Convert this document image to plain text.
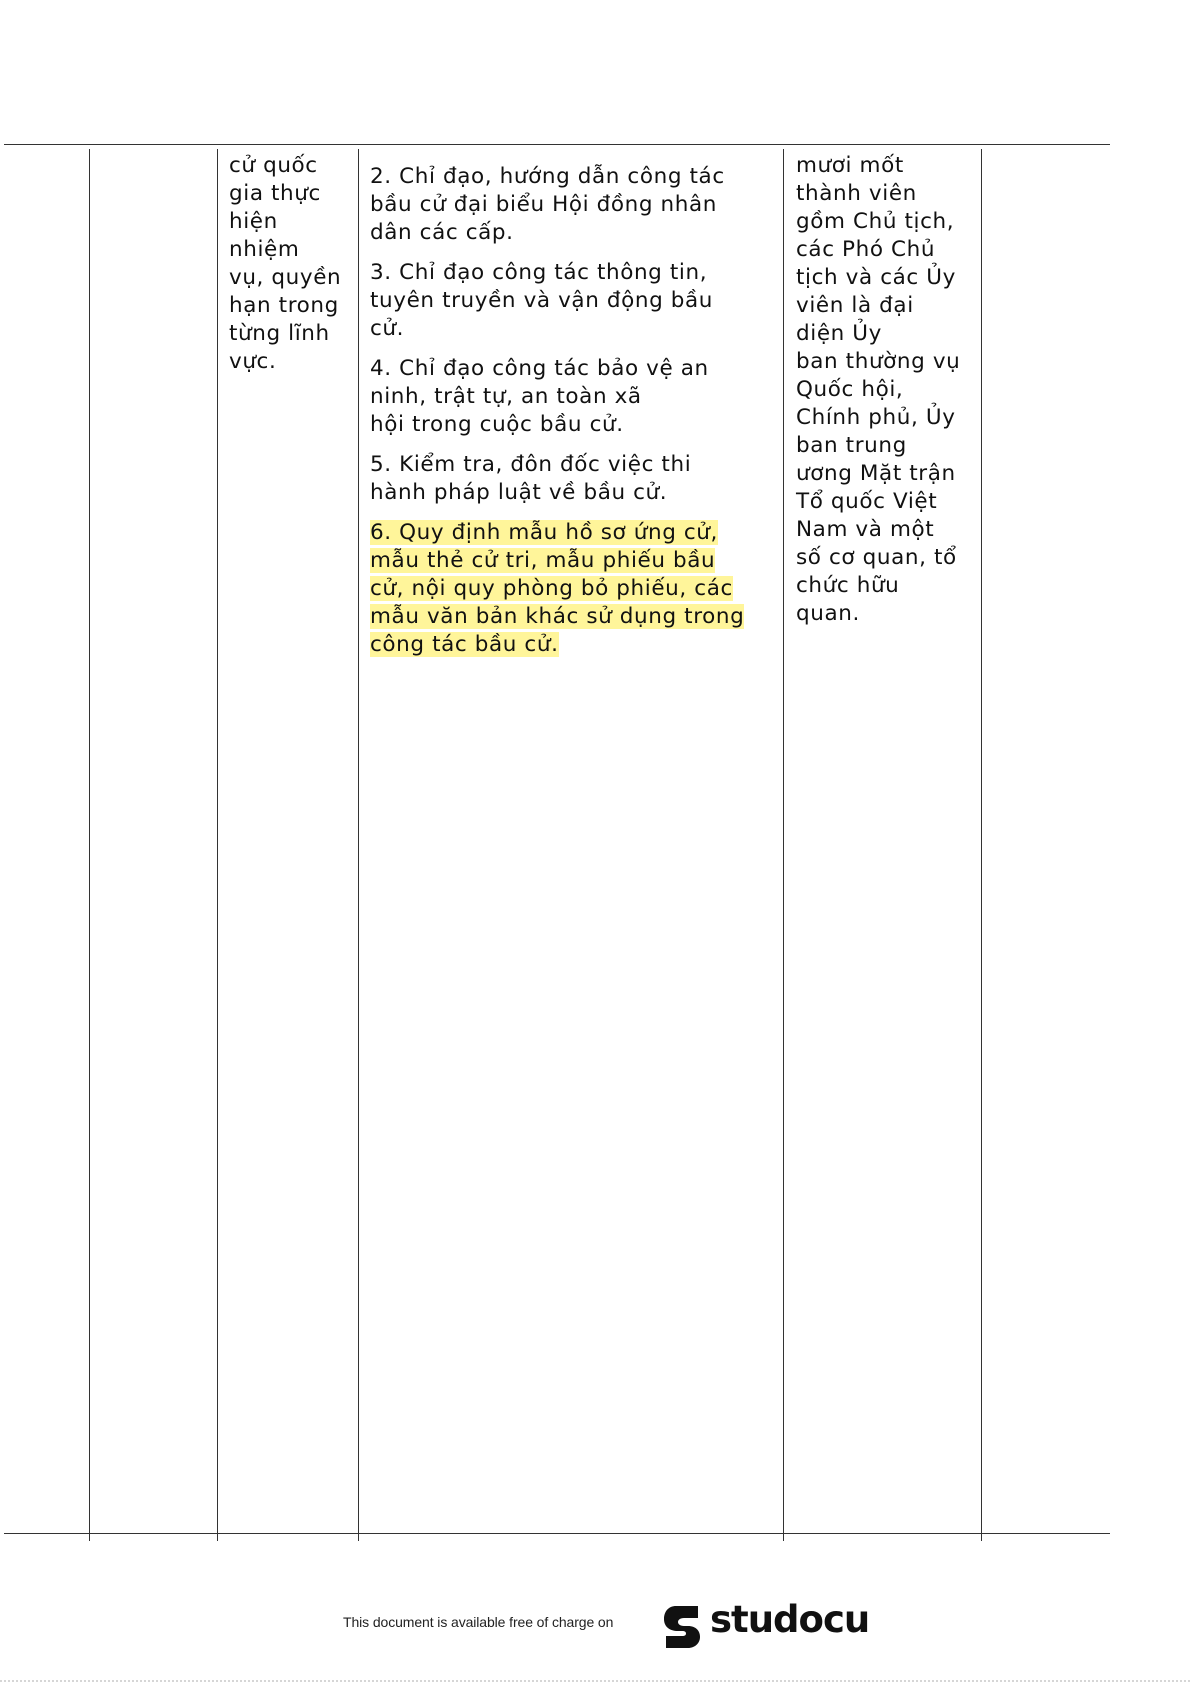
cử quốc

gia thực

hiện

nhiệm

vụ, quyền

hạn trong

từng lĩnh

vực.

2. Chỉ đạo, hướng dẫn công tác

bầu cử đại biểu Hội đồng nhân

dân các cấp.

3. Chỉ đạo công tác thông tin,

tuyên truyền và vận động bầu

cử.

4. Chỉ đạo công tác bảo vệ an

ninh, trật tự, an toàn xã

hội trong cuộc bầu cử.

5. Kiểm tra, đôn đốc việc thi

hành pháp luật về bầu cử.

6. Quy định mẫu hồ sơ ứng cử,

mẫu thẻ cử tri, mẫu phiếu bầu

cử, nội quy phòng bỏ phiếu, các

mẫu văn bản khác sử dụng trong

công tác bầu cử.

mươi mốt

thành viên

gồm Chủ tịch,

các Phó Chủ

tịch và các Ủy

viên là đại

diện Ủy

ban thường vụ

Quốc hội,

Chính phủ, Ủy

ban trung

ương Mặt trận

Tổ quốc Việt

Nam và một

số cơ quan, tổ

chức hữu

quan.

This document is available free of charge on	studocu
